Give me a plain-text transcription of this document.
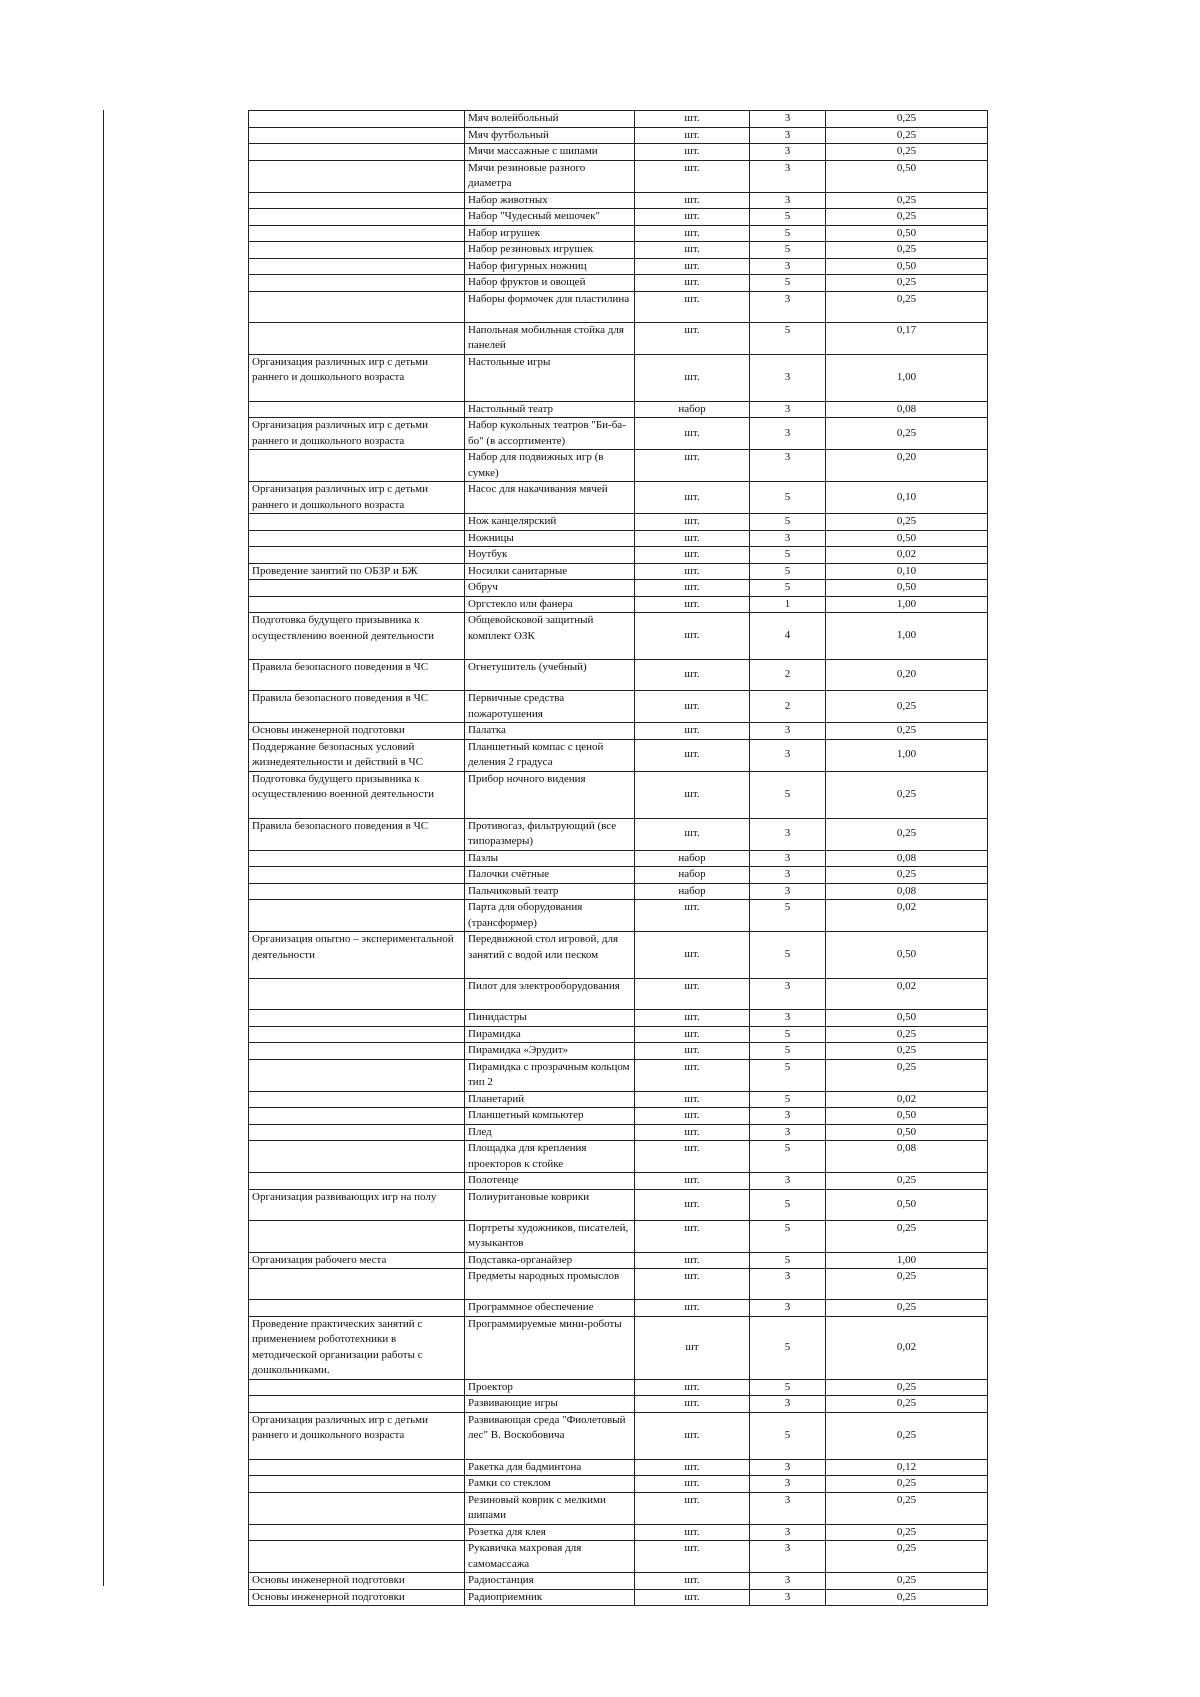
	Мяч волейбольный	шт.	3	0,25
	Мяч футбольный	шт.	3	0,25
	Мячи массажные с шипами	шт.	3	0,25
	Мячи резиновые разного диаметра	шт.	3	0,50
	Набор животных	шт.	3	0,25
	Набор "Чудесный мешочек"	шт.	5	0,25
	Набор игрушек	шт.	5	0,50
	Набор резиновых игрушек	шт.	5	0,25
	Набор фигурных ножниц	шт.	3	0,50
	Набор фруктов и овощей	шт.	5	0,25
	Наборы формочек для пластилина	шт.	3	0,25
	Напольная мобильная стойка для панелей	шт.	5	0,17
Организация различных игр с детьми раннего и дошкольного возраста	Настольные игры	шт.	3	1,00
	Настольный театр	набор	3	0,08
Организация различных игр с детьми раннего и дошкольного возраста	Набор кукольных театров "Би-ба-бо" (в ассортименте)	шт.	3	0,25
	Набор для подвижных игр (в сумке)	шт.	3	0,20
Организация различных игр с детьми раннего и дошкольного возраста	Насос для накачивания мячей	шт.	5	0,10
	Нож канцелярский	шт.	5	0,25
	Ножницы	шт.	3	0,50
	Ноутбук	шт.	5	0,02
Проведение занятий по ОБЗР и БЖ	Носилки санитарные	шт.	5	0,10
	Обруч	шт.	5	0,50
	Оргстекло или фанера	шт.	1	1,00
Подготовка будущего призывника к осуществлению военной деятельности	Общевойсковой защитный комплект ОЗК	шт.	4	1,00
Правила безопасного поведения в ЧС	Огнетушитель (учебный)	шт.	2	0,20
Правила безопасного поведения в ЧС	Первичные средства пожаротушения	шт.	2	0,25
Основы инженерной подготовки	Палатка	шт.	3	0,25
Поддержание безопасных условий жизнедеятельности и действий в ЧС	Планшетный компас с ценой деления 2 градуса	шт.	3	1,00
Подготовка будущего призывника к осуществлению военной деятельности	Прибор ночного видения	шт.	5	0,25
Правила безопасного поведения в ЧС	Противогаз, фильтрующий (все типоразмеры)	шт.	3	0,25
	Пазлы	набор	3	0,08
	Палочки счётные	набор	3	0,25
	Пальчиковый театр	набор	3	0,08
	Парта для оборудования (трансформер)	шт.	5	0,02
Организация опытно – экспериментальной деятельности	Передвижной стол игровой, для занятий с водой или песком	шт.	5	0,50
	Пилот для электрооборудования	шт.	3	0,02
	Пинидастры	шт.	3	0,50
	Пирамидка	шт.	5	0,25
	Пирамидка «Эрудит»	шт.	5	0,25
	Пирамидка с прозрачным кольцом тип 2	шт.	5	0,25
	Планетарий	шт.	5	0,02
	Планшетный компьютер	шт.	3	0,50
	Плед	шт.	3	0,50
	Площадка для крепления проекторов к стойке	шт.	5	0,08
	Полотенце	шт.	3	0,25
Организация развивающих игр на полу	Полиуритановые коврики	шт.	5	0,50
	Портреты художников, писателей, музыкантов	шт.	5	0,25
Организация рабочего места	Подставка-органайзер	шт.	5	1,00
	Предметы народных промыслов	шт.	3	0,25
	Программное обеспечение	шт.	3	0,25
Проведение практических занятий с применением робототехники в методической организации работы с дошкольниками.	Программируемые мини-роботы	шт	5	0,02
	Проектор	шт.	5	0,25
	Развивающие игры	шт.	3	0,25
Организация различных игр с детьми раннего и дошкольного возраста	Развивающая среда "Фиолетовый лес" В. Воскобовича	шт.	5	0,25
	Ракетка для бадминтона	шт.	3	0,12
	Рамки со стеклом	шт.	3	0,25
	Резиновый коврик с мелкими шипами	шт.	3	0,25
	Розетка для клея	шт.	3	0,25
	Рукавичка махровая для самомассажа	шт.	3	0,25
Основы инженерной подготовки	Радиостанция	шт.	3	0,25
Основы инженерной подготовки	Радиоприемник	шт.	3	0,25
